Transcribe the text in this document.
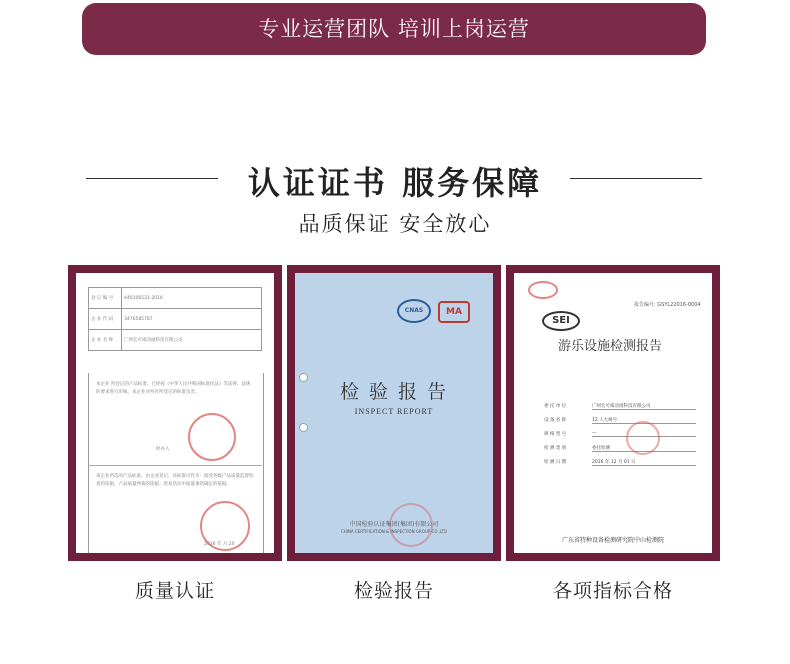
专业运营团队 培训上岗运营
认证证书 服务保障
品质保证 安全放心
登 记 编 号	440106531-2016
企 业 代 码	3476585787
企 业 名 称	广州宏可威动画科技有限公司
本企业 所登记的产品标准。已经按《中华人民共和国标准化法》等法律、法规的要求进行审核。本企业对所有所登记的标准负责。
经办人
该企业所选的产品标准、由企业登记，该标准可作为：接受各级产品质量监督检查的依据，产品质量仲裁的依据；贸易活动中质量条款确定的依据。
2016 年 月 20
质量认证
CNAS	MA
检 验 报 告
INSPECT REPORT
中国检验认证集团(集团)有限公司
CHINA CERTIFICATION & INSPECTION GROUP CO.,LTD
检验报告
报告编号: GSYL22016-0004
SEI
游乐设施检测报告
委 托 单 位	广州宏可威动漫科技有限公司
设 备 名 称	12 人大树号
规 格 型 号	—
检 测 类 别	委托检测
检 测 日 期	2016 年 12 月 01 日
广东省特种设备检测研究院中山检测院
各项指标合格
